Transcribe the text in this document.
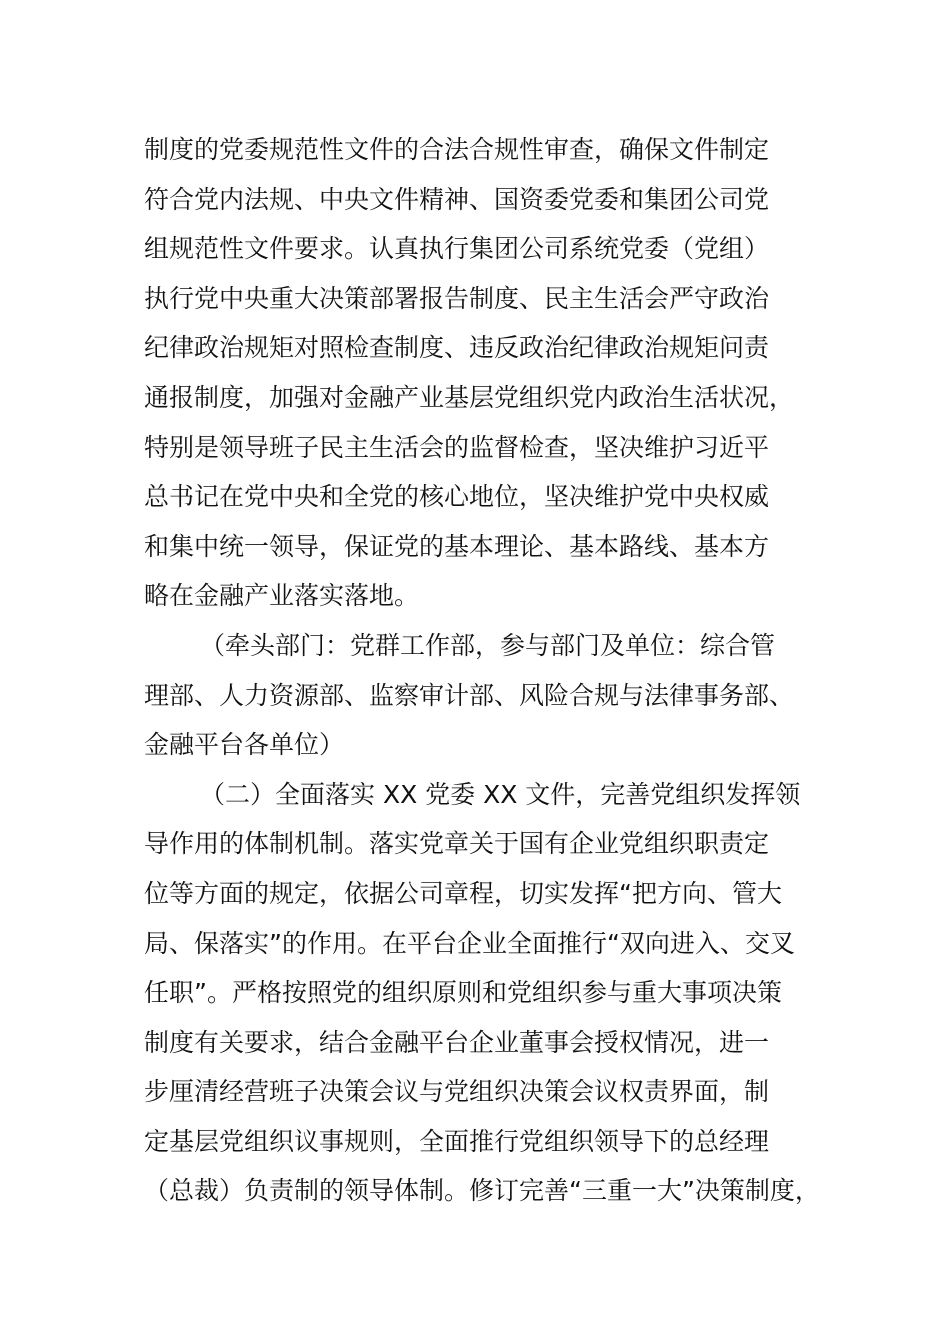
制度的党委规范性文件的合法合规性审查，确保文件制定
符合党内法规、中央文件精神、国资委党委和集团公司党
组规范性文件要求。认真执行集团公司系统党委（党组）
执行党中央重大决策部署报告制度、民主生活会严守政治
纪律政治规矩对照检查制度、违反政治纪律政治规矩问责
通报制度，加强对金融产业基层党组织党内政治生活状况，
特别是领导班子民主生活会的监督检查，坚决维护习近平
总书记在党中央和全党的核心地位，坚决维护党中央权威
和集中统一领导，保证党的基本理论、基本路线、基本方
略在金融产业落实落地。
（牵头部门：党群工作部，参与部门及单位：综合管
理部、人力资源部、监察审计部、风险合规与法律事务部、
金融平台各单位）
（二）全面落实 XX 党委 XX 文件，完善党组织发挥领
导作用的体制机制。落实党章关于国有企业党组织职责定
位等方面的规定，依据公司章程，切实发挥“把方向、管大
局、保落实”的作用。在平台企业全面推行“双向进入、交叉
任职”。严格按照党的组织原则和党组织参与重大事项决策
制度有关要求，结合金融平台企业董事会授权情况，进一
步厘清经营班子决策会议与党组织决策会议权责界面，制
定基层党组织议事规则，全面推行党组织领导下的总经理
（总裁）负责制的领导体制。修订完善“三重一大”决策制度，
